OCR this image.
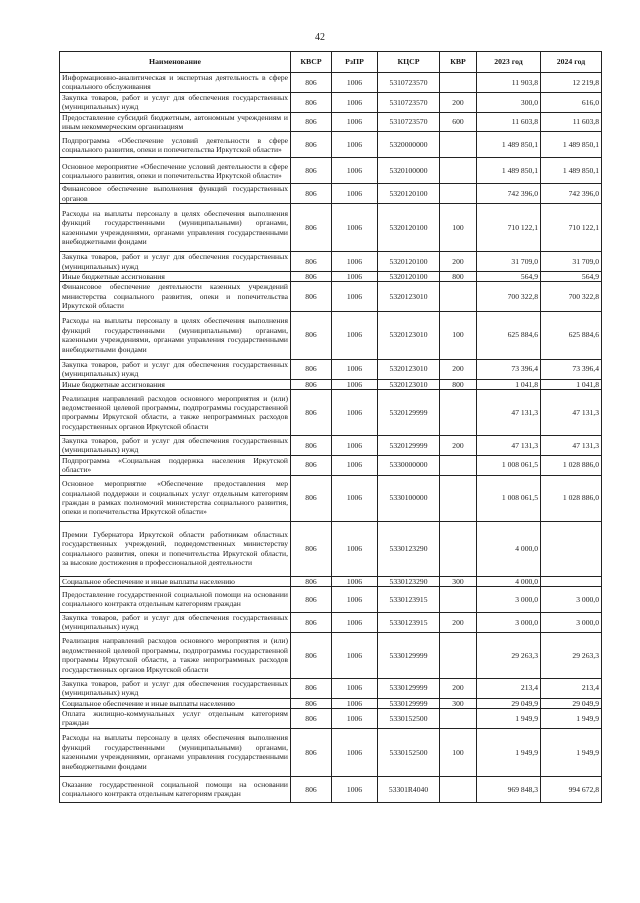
42
Наименование	КВСР	РзПР	КЦСР	КВР	2023 год	2024 год
Информационно-аналитическая и экспертная деятельность в сфере социального обслуживания	806	1006	5310723570		11 903,8	12 219,8
Закупка товаров, работ и услуг для обеспечения государственных (муниципальных) нужд	806	1006	5310723570	200	300,0	616,0
Предоставление субсидий бюджетным, автономным учреждениям и иным некоммерческим организациям	806	1006	5310723570	600	11 603,8	11 603,8
Подпрограмма «Обеспечение условий деятельности в сфере социального развития, опеки и попечительства Иркутской области»	806	1006	5320000000		1 489 850,1	1 489 850,1
Основное мероприятие «Обеспечение условий деятельности в сфере социального развития, опеки и попечительства Иркутской области»	806	1006	5320100000		1 489 850,1	1 489 850,1
Финансовое обеспечение выполнения функций государственных органов	806	1006	5320120100		742 396,0	742 396,0
Расходы на выплаты персоналу в целях обеспечения выполнения функций государственными (муниципальными) органами, казенными учреждениями, органами управления государственными внебюджетными фондами	806	1006	5320120100	100	710 122,1	710 122,1
Закупка товаров, работ и услуг для обеспечения государственных (муниципальных) нужд	806	1006	5320120100	200	31 709,0	31 709,0
Иные бюджетные ассигнования	806	1006	5320120100	800	564,9	564,9
Финансовое обеспечение деятельности казенных учреждений министерства социального развития, опеки и попечительства Иркутской области	806	1006	5320123010		700 322,8	700 322,8
Расходы на выплаты персоналу в целях обеспечения выполнения функций государственными (муниципальными) органами, казенными учреждениями, органами управления государственными внебюджетными фондами	806	1006	5320123010	100	625 884,6	625 884,6
Закупка товаров, работ и услуг для обеспечения государственных (муниципальных) нужд	806	1006	5320123010	200	73 396,4	73 396,4
Иные бюджетные ассигнования	806	1006	5320123010	800	1 041,8	1 041,8
Реализация направлений расходов основного мероприятия и (или) ведомственной целевой программы, подпрограммы государственной программы Иркутской области, а также непрограммных расходов государственных органов Иркутской области	806	1006	5320129999		47 131,3	47 131,3
Закупка товаров, работ и услуг для обеспечения государственных (муниципальных) нужд	806	1006	5320129999	200	47 131,3	47 131,3
Подпрограмма «Социальная поддержка населения Иркутской области»	806	1006	5330000000		1 008 061,5	1 028 886,0
Основное мероприятие «Обеспечение предоставления мер социальной поддержки и социальных услуг отдельным категориям граждан в рамках полномочий министерства социального развития, опеки и попечительства Иркутской области»	806	1006	5330100000		1 008 061,5	1 028 886,0
Премии Губернатора Иркутской области работникам областных государственных учреждений, подведомственных министерству социального развития, опеки и попечительства Иркутской области, за высокие достижения в профессиональной деятельности	806	1006	5330123290		4 000,0	
Социальное обеспечение и иные выплаты населению	806	1006	5330123290	300	4 000,0	
Предоставление государственной социальной помощи на основании социального контракта отдельным категориям граждан	806	1006	5330123915		3 000,0	3 000,0
Закупка товаров, работ и услуг для обеспечения государственных (муниципальных) нужд	806	1006	5330123915	200	3 000,0	3 000,0
Реализация направлений расходов основного мероприятия и (или) ведомственной целевой программы, подпрограммы государственной программы Иркутской области, а также непрограммных расходов государственных органов Иркутской области	806	1006	5330129999		29 263,3	29 263,3
Закупка товаров, работ и услуг для обеспечения государственных (муниципальных) нужд	806	1006	5330129999	200	213,4	213,4
Социальное обеспечение и иные выплаты населению	806	1006	5330129999	300	29 049,9	29 049,9
Оплата жилищно-коммунальных услуг отдельным категориям граждан	806	1006	5330152500		1 949,9	1 949,9
Расходы на выплаты персоналу в целях обеспечения выполнения функций государственными (муниципальными) органами, казенными учреждениями, органами управления государственными внебюджетными фондами	806	1006	5330152500	100	1 949,9	1 949,9
Оказание государственной социальной помощи на основании социального контракта отдельным категориям граждан	806	1006	53301R4040		969 848,3	994 672,8
